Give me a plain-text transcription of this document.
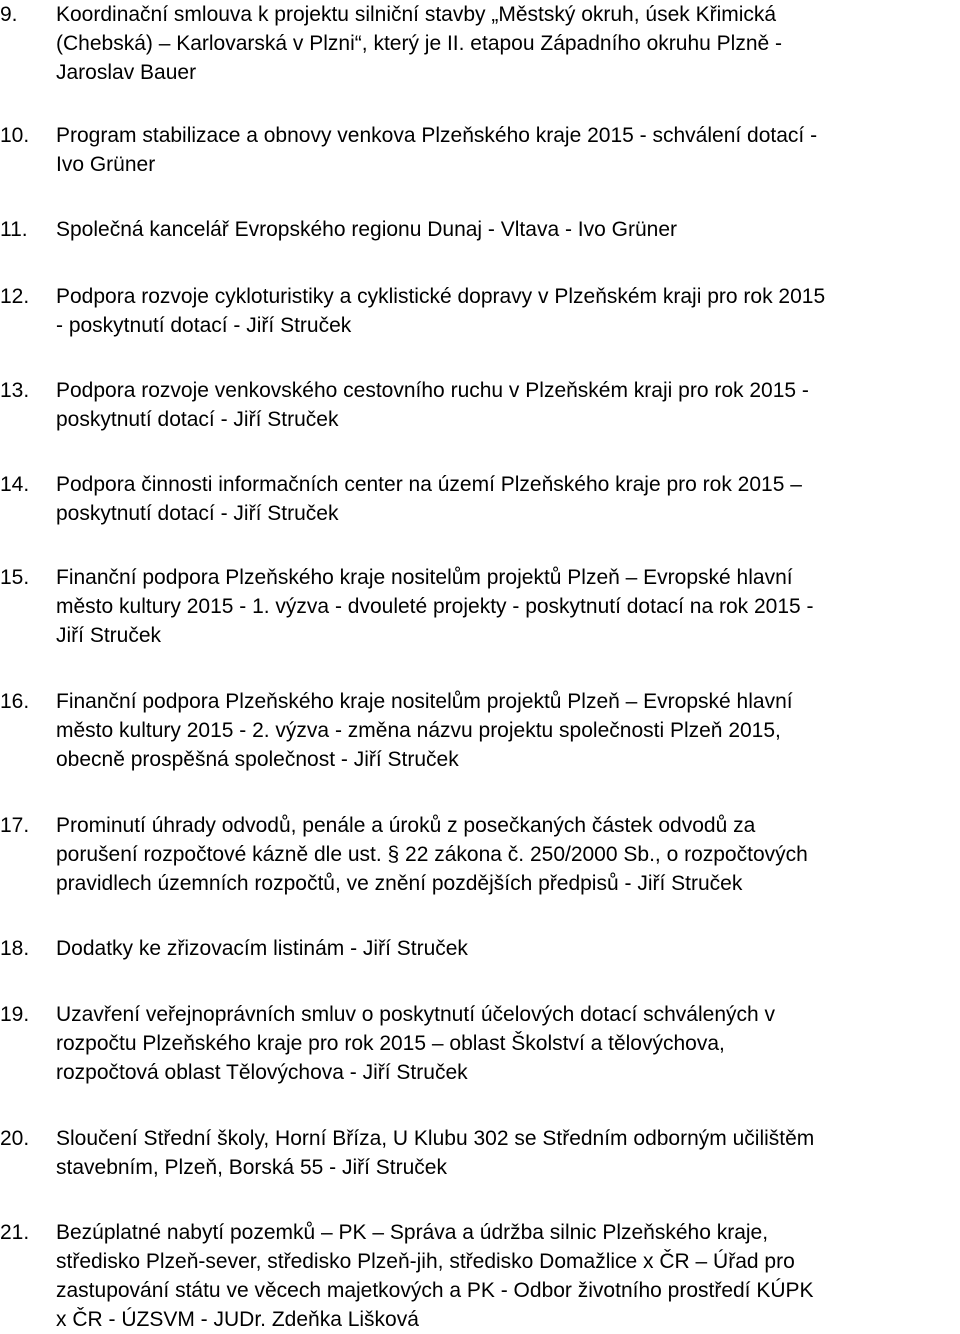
9. Koordinační smlouva k projektu silniční stavby „Městský okruh, úsek Křimická
(Chebská) – Karlovarská v Plzni“, který je II. etapou Západního okruhu Plzně -
Jaroslav Bauer
10. Program stabilizace a obnovy venkova Plzeňského kraje 2015 - schválení dotací -
Ivo Grüner
11. Společná kancelář Evropského regionu Dunaj - Vltava - Ivo Grüner
12. Podpora rozvoje cykloturistiky a cyklistické dopravy v Plzeňském kraji pro rok 2015
- poskytnutí dotací - Jiří Struček
13. Podpora rozvoje venkovského cestovního ruchu v Plzeňském kraji pro rok 2015 -
poskytnutí dotací - Jiří Struček
14. Podpora činnosti informačních center na území Plzeňského kraje pro rok 2015 –
poskytnutí dotací - Jiří Struček
15. Finanční podpora Plzeňského kraje nositelům projektů Plzeň – Evropské hlavní
město kultury 2015 - 1. výzva - dvouleté projekty - poskytnutí dotací na rok 2015 -
Jiří Struček
16. Finanční podpora Plzeňského kraje nositelům projektů Plzeň – Evropské hlavní
město kultury 2015 - 2. výzva - změna názvu projektu společnosti Plzeň 2015,
obecně prospěšná společnost - Jiří Struček
17. Prominutí úhrady odvodů, penále a úroků z posečkaných částek odvodů za
porušení rozpočtové kázně dle ust. § 22 zákona č. 250/2000 Sb., o rozpočtových
pravidlech územních rozpočtů, ve znění pozdějších předpisů - Jiří Struček
18. Dodatky ke zřizovacím listinám - Jiří Struček
19. Uzavření veřejnoprávních smluv o poskytnutí účelových dotací schválených v
rozpočtu Plzeňského kraje pro rok 2015 – oblast Školství a tělovýchova,
rozpočtová oblast Tělovýchova - Jiří Struček
20. Sloučení Střední školy, Horní Bříza, U Klubu 302 se Středním odborným učilištěm
stavebním, Plzeň, Borská 55 - Jiří Struček
21. Bezúplatné nabytí pozemků – PK – Správa a údržba silnic Plzeňského kraje,
středisko Plzeň-sever, středisko Plzeň-jih, středisko Domažlice x ČR – Úřad pro
zastupování státu ve věcech majetkových a PK - Odbor životního prostředí KÚPK
x ČR - ÚZSVM - JUDr. Zdeňka Lišková
